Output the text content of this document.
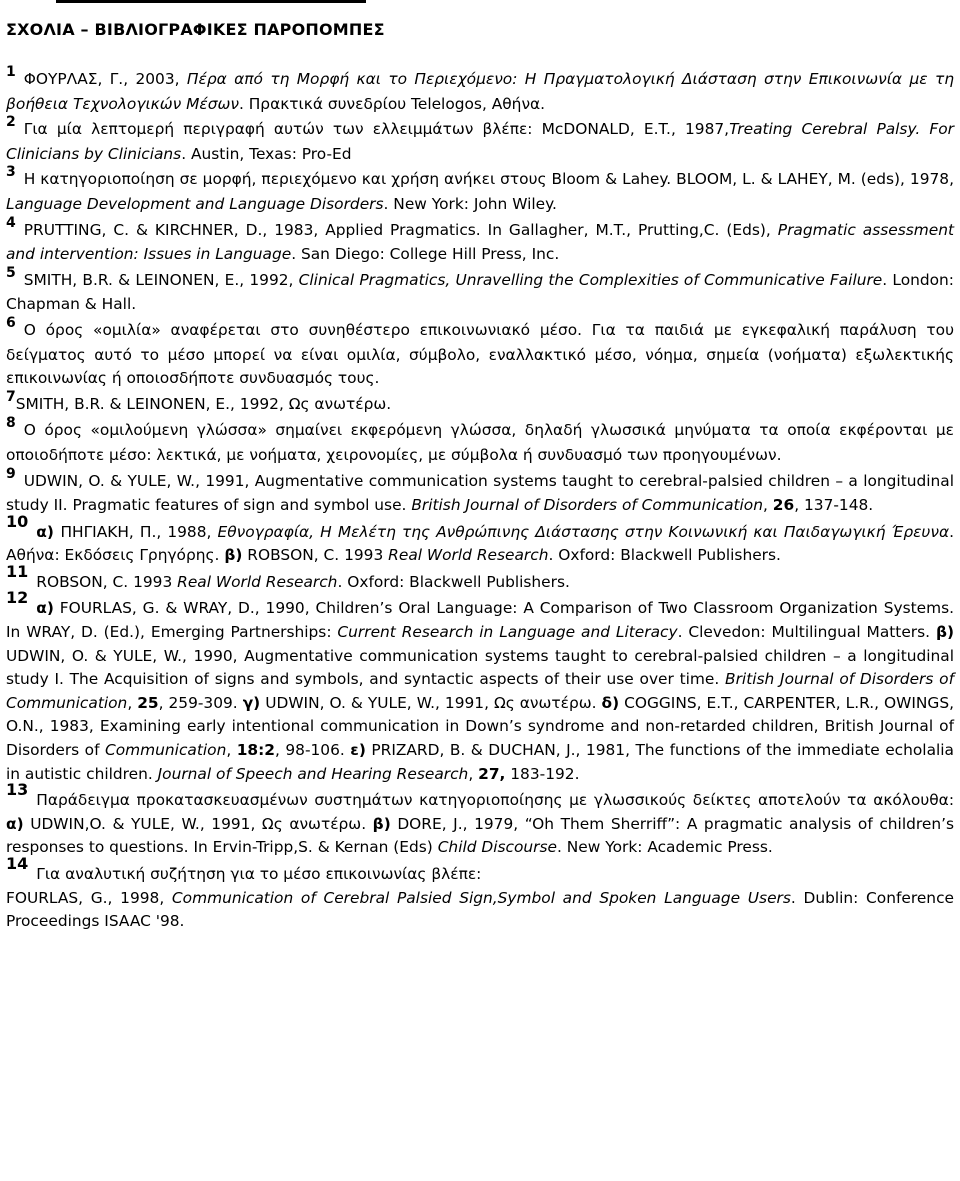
ΣΧΟΛΙΑ – ΒΙΒΛΙΟΓΡΑΦΙΚΕΣ ΠΑΡΟΠΟΜΠΕΣ

1 ΦΟΥΡΛΑΣ, Γ., 2003, Πέρα από τη Μορφή και το Περιεχόμενο: Η Πραγματολογική Διάσταση στην Επικοινωνία με τη βοήθεια Τεχνολογικών Μέσων. Πρακτικά συνεδρίου Telelogos, Αθήνα.

2 Για μία λεπτομερή περιγραφή αυτών των ελλειμμάτων βλέπε: McDONALD, E.T., 1987,Treating Cerebral Palsy. For Clinicians by Clinicians. Austin, Texas: Pro-Ed

3 Η κατηγοριοποίηση σε μορφή, περιεχόμενο και χρήση ανήκει στους Bloom & Lahey. BLOOM, L. & LAHEY, M. (eds), 1978, Language Development and Language Disorders. New York: John Wiley.

4 PRUTTING, C. & KIRCHNER, D., 1983, Applied Pragmatics. In Gallagher, M.T., Prutting,C. (Eds), Pragmatic assessment and intervention: Issues in Language. San Diego: College Hill Press, Inc.

5 SMITH, B.R. & LEINONEN, E., 1992, Clinical Pragmatics, Unravelling the Complexities of Communicative Failure. London: Chapman & Hall.

6 Ο όρος «ομιλία» αναφέρεται στο συνηθέστερο επικοινωνιακό μέσο. Για τα παιδιά με εγκεφαλική παράλυση του δείγματος αυτό το μέσο μπορεί να είναι ομιλία, σύμβολο, εναλλακτικό μέσο, νόημα, σημεία (νοήματα) εξωλεκτικής επικοινωνίας ή οποιοσδήποτε συνδυασμός τους.

7SMITH, B.R. & LEINONEN, E., 1992, Ως ανωτέρω.

8 Ο όρος «ομιλούμενη γλώσσα» σημαίνει εκφερόμενη γλώσσα, δηλαδή γλωσσικά μηνύματα τα οποία εκφέρονται με οποιοδήποτε μέσο: λεκτικά, με νοήματα, χειρονομίες, με σύμβολα ή συνδυασμό των προηγουμένων.

9 UDWIN, O. & YULE, W., 1991, Augmentative communication systems taught to cerebral-palsied children – a longitudinal study II. Pragmatic features of sign and symbol use. British Journal of Disorders of Communication, 26, 137-148.

10α) ΠΗΓΙΑΚΗ, Π., 1988, Εθνογραφία, Η Μελέτη της Ανθρώπινης Διάστασης στην Κοινωνική και Παιδαγωγική Έρευνα. Αθήνα: Εκδόσεις Γρηγόρης. β) ROBSON, C. 1993 Real World Research. Oxford: Blackwell Publishers.

11ROBSON, C. 1993 Real World Research. Oxford: Blackwell Publishers.

12α) FOURLAS, G. & WRAY, D., 1990, Children’s Oral Language: A Comparison of Two Classroom Organization Systems. In WRAY, D. (Ed.), Emerging Partnerships: Current Research in Language and Literacy. Clevedon: Multilingual Matters. β) UDWIN, O. & YULE, W., 1990, Augmentative communication systems taught to cerebral-palsied children – a longitudinal study I. The Acquisition of signs and symbols, and syntactic aspects of their use over time. British Journal of Disorders of Communication, 25, 259-309. γ) UDWIN, O. & YULE, W., 1991, Ως ανωτέρω. δ) COGGINS, E.T., CARPENTER, L.R., OWINGS, O.N., 1983, Examining early intentional communication in Down’s syndrome and non-retarded children, British Journal of Disorders of Communication, 18:2, 98-106. ε) PRIZARD, B. & DUCHAN, J., 1981, The functions of the immediate echolalia in autistic children. Journal of Speech and Hearing Research, 27, 183-192.

13Παράδειγμα προκατασκευασμένων συστημάτων κατηγοριοποίησης με γλωσσικούς δείκτες αποτελούν τα ακόλουθα: α) UDWIN,O. & YULE, W., 1991, Ως ανωτέρω. β) DORE, J., 1979, “Oh Them Sherriff”: A pragmatic analysis of children’s responses to questions. In Ervin-Tripp,S. & Kernan (Eds) Child Discourse. New York: Academic Press.

14Για αναλυτική συζήτηση για το μέσο επικοινωνίας βλέπε:
FOURLAS, G., 1998, Communication of Cerebral Palsied Sign,Symbol and Spoken Language Users. Dublin: Conference Proceedings ISAAC '98.
